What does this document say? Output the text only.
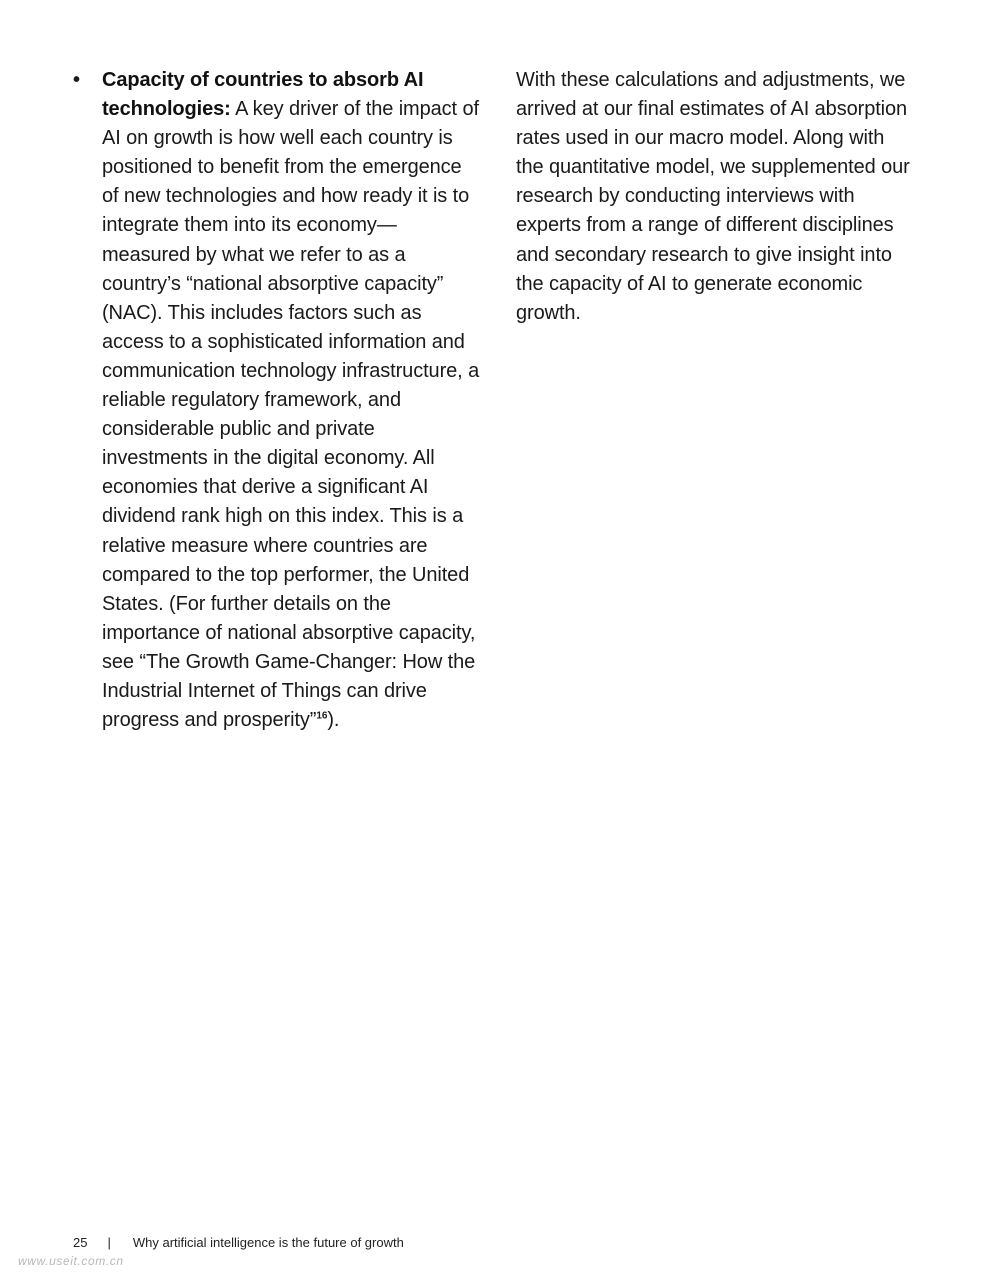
• Capacity of countries to absorb AI technologies: A key driver of the impact of AI on growth is how well each country is positioned to benefit from the emergence of new technologies and how ready it is to integrate them into its economy—measured by what we refer to as a country’s “national absorptive capacity” (NAC). This includes factors such as access to a sophisticated information and communication technology infrastructure, a reliable regulatory framework, and considerable public and private investments in the digital economy. All economies that derive a significant AI dividend rank high on this index. This is a relative measure where countries are compared to the top performer, the United States. (For further details on the importance of national absorptive capacity, see “The Growth Game-Changer: How the Industrial Internet of Things can drive progress and prosperity”$^{16}$).

With these calculations and adjustments, we arrived at our final estimates of AI absorption rates used in our macro model. Along with the quantitative model, we supplemented our research by conducting interviews with experts from a range of different disciplines and secondary research to give insight into the capacity of AI to generate economic growth.

25 | Why artificial intelligence is the future of growth
www.useit.com.cn
